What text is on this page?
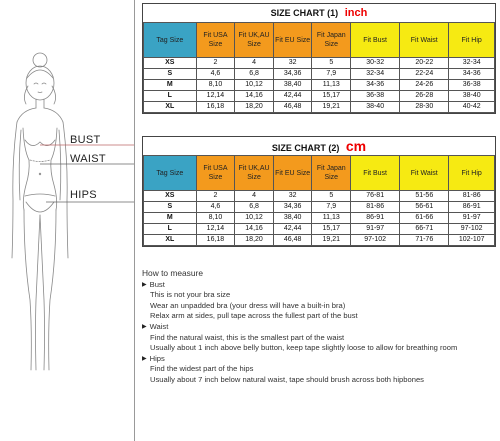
BUST
WAIST
HIPS
SIZE CHART (1) inch
Tag Size	Fit USA Size	Fit UK,AU Size	Fit EU Size	Fit Japan Size	Fit Bust	Fit Waist	Fit Hip
XS	2	4	32	5	30-32	20-22	32-34
S	4,6	6,8	34,36	7,9	32-34	22-24	34-36
M	8,10	10,12	38,40	11,13	34-36	24-26	36-38
L	12,14	14,16	42,44	15,17	36-38	26-28	38-40
XL	16,18	18,20	46,48	19,21	38-40	28-30	40-42
SIZE CHART (2) cm
Tag Size	Fit USA Size	Fit UK,AU Size	Fit EU Size	Fit Japan Size	Fit Bust	Fit Waist	Fit Hip
XS	2	4	32	5	76-81	51-56	81-86
S	4,6	6,8	34,36	7,9	81-86	56-61	86-91
M	8,10	10,12	38,40	11,13	86-91	61-66	91-97
L	12,14	14,16	42,44	15,17	91-97	66-71	97-102
XL	16,18	18,20	46,48	19,21	97-102	71-76	102-107
How to measure
▶ Bust
This is not your bra size
Wear an unpadded bra (your dress will have a built-in bra)
Relax arm at sides, pull tape across the fullest part of the bust
▶ Waist
Find the natural waist, this is the smallest part of the waist
Usually about 1 inch above belly button, keep tape slightly loose to allow for breathing room
▶ Hips
Find the widest part of the hips
Usually about 7 inch below natural waist, tape should brush across both hipbones
